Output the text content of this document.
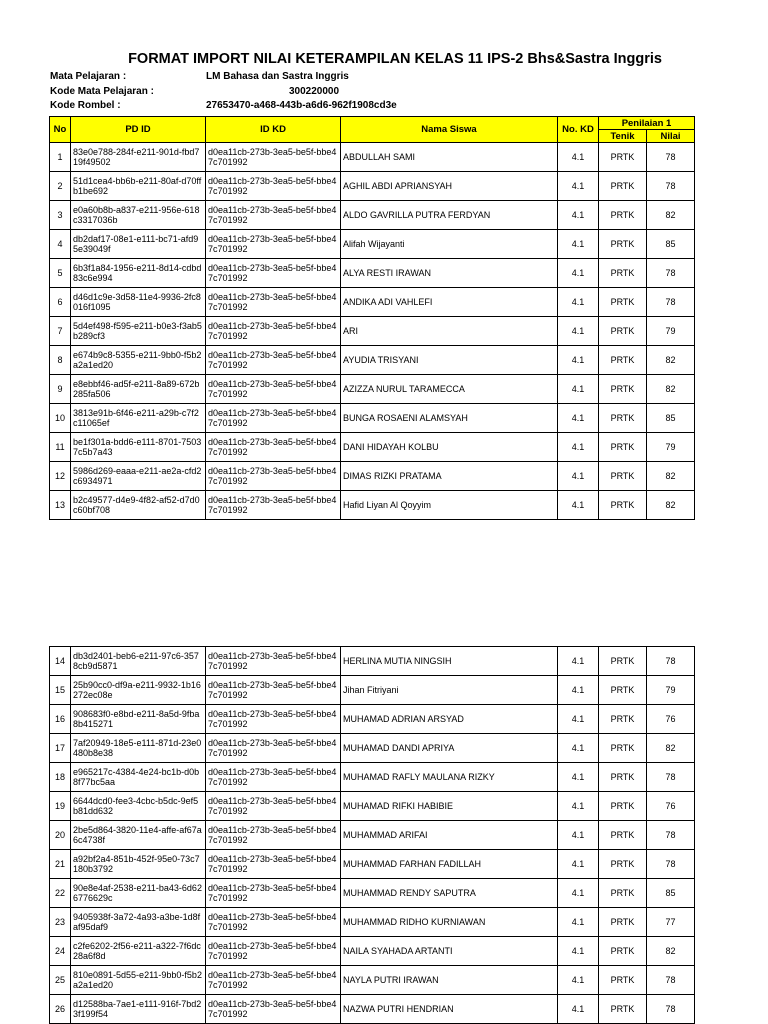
FORMAT IMPORT NILAI KETERAMPILAN KELAS 11 IPS-2 Bhs&Sastra Inggris
Mata Pelajaran :	LM Bahasa dan Sastra Inggris
Kode Mata Pelajaran :	300220000
Kode Rombel :	27653470-a468-443b-a6d6-962f1908cd3e
No	PD ID	ID KD	Nama Siswa	No. KD	Penilaian 1	
					Tenik	Nilai
1	83e0e788-284f-e211-901d-fbd719f49502	d0ea11cb-273b-3ea5-be5f-bbe47c701992	ABDULLAH SAMI	4.1	PRTK	78
2	51d1cea4-bb6b-e211-80af-d70ffb1be692	d0ea11cb-273b-3ea5-be5f-bbe47c701992	AGHIL ABDI APRIANSYAH	4.1	PRTK	78
3	e0a60b8b-a837-e211-956e-618c3317036b	d0ea11cb-273b-3ea5-be5f-bbe47c701992	ALDO GAVRILLA PUTRA FERDYAN	4.1	PRTK	82
4	db2daf17-08e1-e111-bc71-afd95e39049f	d0ea11cb-273b-3ea5-be5f-bbe47c701992	Alifah Wijayanti	4.1	PRTK	85
5	6b3f1a84-1956-e211-8d14-cdbd83c6e994	d0ea11cb-273b-3ea5-be5f-bbe47c701992	ALYA RESTI IRAWAN	4.1	PRTK	78
6	d46d1c9e-3d58-11e4-9936-2fc8016f1095	d0ea11cb-273b-3ea5-be5f-bbe47c701992	ANDIKA ADI VAHLEFI	4.1	PRTK	78
7	5d4ef498-f595-e211-b0e3-f3ab5b289cf3	d0ea11cb-273b-3ea5-be5f-bbe47c701992	ARI	4.1	PRTK	79
8	e674b9c8-5355-e211-9bb0-f5b2a2a1ed20	d0ea11cb-273b-3ea5-be5f-bbe47c701992	AYUDIA TRISYANI	4.1	PRTK	82
9	e8ebbf46-ad5f-e211-8a89-672b285fa506	d0ea11cb-273b-3ea5-be5f-bbe47c701992	AZIZZA NURUL TARAMECCA	4.1	PRTK	82
10	3813e91b-6f46-e211-a29b-c7f2c11065ef	d0ea11cb-273b-3ea5-be5f-bbe47c701992	BUNGA ROSAENI ALAMSYAH	4.1	PRTK	85
11	be1f301a-bdd6-e111-8701-75037c5b7a43	d0ea11cb-273b-3ea5-be5f-bbe47c701992	DANI HIDAYAH KOLBU	4.1	PRTK	79
12	5986d269-eaaa-e211-ae2a-cfd2c6934971	d0ea11cb-273b-3ea5-be5f-bbe47c701992	DIMAS RIZKI PRATAMA	4.1	PRTK	82
13	b2c49577-d4e9-4f82-af52-d7d0c60bf708	d0ea11cb-273b-3ea5-be5f-bbe47c701992	Hafid Liyan Al Qoyyim	4.1	PRTK	82
14	db3d2401-beb6-e211-97c6-3578cb9d5871	d0ea11cb-273b-3ea5-be5f-bbe47c701992	HERLINA MUTIA NINGSIH	4.1	PRTK	78
15	25b90cc0-df9a-e211-9932-1b16272ec08e	d0ea11cb-273b-3ea5-be5f-bbe47c701992	Jihan Fitriyani	4.1	PRTK	79
16	908683f0-e8bd-e211-8a5d-9fba8b415271	d0ea11cb-273b-3ea5-be5f-bbe47c701992	MUHAMAD ADRIAN ARSYAD	4.1	PRTK	76
17	7af20949-18e5-e111-871d-23e0480b8e38	d0ea11cb-273b-3ea5-be5f-bbe47c701992	MUHAMAD DANDI APRIYA	4.1	PRTK	82
18	e965217c-4384-4e24-bc1b-d0b8f77bc5aa	d0ea11cb-273b-3ea5-be5f-bbe47c701992	MUHAMAD RAFLY MAULANA RIZKY	4.1	PRTK	78
19	6644dcd0-fee3-4cbc-b5dc-9ef5b81dd632	d0ea11cb-273b-3ea5-be5f-bbe47c701992	MUHAMAD RIFKI HABIBIE	4.1	PRTK	76
20	2be5d864-3820-11e4-affe-af67a6c4738f	d0ea11cb-273b-3ea5-be5f-bbe47c701992	MUHAMMAD ARIFAI	4.1	PRTK	78
21	a92bf2a4-851b-452f-95e0-73c7180b3792	d0ea11cb-273b-3ea5-be5f-bbe47c701992	MUHAMMAD FARHAN FADILLAH	4.1	PRTK	78
22	90e8e4af-2538-e211-ba43-6d626776629c	d0ea11cb-273b-3ea5-be5f-bbe47c701992	MUHAMMAD RENDY SAPUTRA	4.1	PRTK	85
23	9405938f-3a72-4a93-a3be-1d8faf95daf9	d0ea11cb-273b-3ea5-be5f-bbe47c701992	MUHAMMAD RIDHO KURNIAWAN	4.1	PRTK	77
24	c2fe6202-2f56-e211-a322-7f6dc28a6f8d	d0ea11cb-273b-3ea5-be5f-bbe47c701992	NAILA SYAHADA ARTANTI	4.1	PRTK	82
25	810e0891-5d55-e211-9bb0-f5b2a2a1ed20	d0ea11cb-273b-3ea5-be5f-bbe47c701992	NAYLA PUTRI IRAWAN	4.1	PRTK	78
26	d12588ba-7ae1-e111-916f-7bd23f199f54	d0ea11cb-273b-3ea5-be5f-bbe47c701992	NAZWA PUTRI HENDRIAN	4.1	PRTK	78
